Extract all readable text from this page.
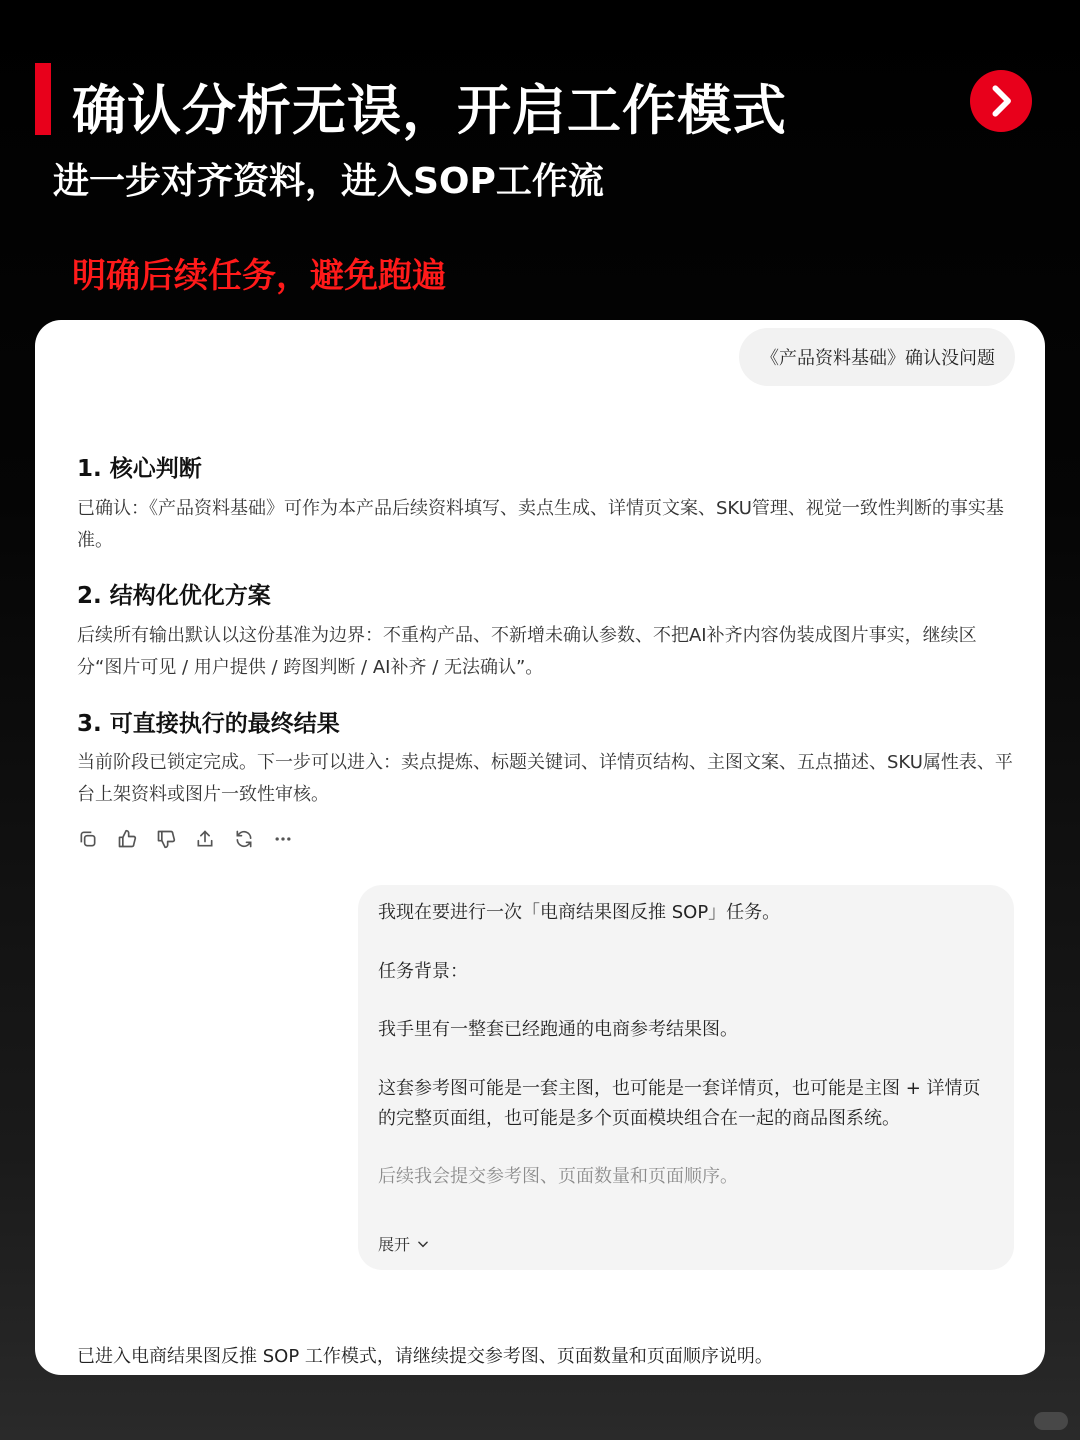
确认分析无误，开启工作模式
进一步对齐资料，进入SOP工作流
明确后续任务，避免跑遍
《产品资料基础》确认没问题
1. 核心判断
已确认：《产品资料基础》可作为本产品后续资料填写、卖点生成、详情页文案、SKU管理、视觉一致性判断的事实基准。
2. 结构化优化方案
后续所有输出默认以这份基准为边界：不重构产品、不新增未确认参数、不把AI补齐内容伪装成图片事实，继续区分“图片可见 / 用户提供 / 跨图判断 / AI补齐 / 无法确认”。
3. 可直接执行的最终结果
当前阶段已锁定完成。下一步可以进入：卖点提炼、标题关键词、详情页结构、主图文案、五点描述、SKU属性表、平台上架资料或图片一致性审核。
我现在要进行一次「电商结果图反推 SOP」任务。
任务背景：
我手里有一整套已经跑通的电商参考结果图。
这套参考图可能是一套主图，也可能是一套详情页，也可能是主图 + 详情页的完整页面组，也可能是多个页面模块组合在一起的商品图系统。
后续我会提交参考图、页面数量和页面顺序。
展开
已进入电商结果图反推 SOP 工作模式，请继续提交参考图、页面数量和页面顺序说明。
